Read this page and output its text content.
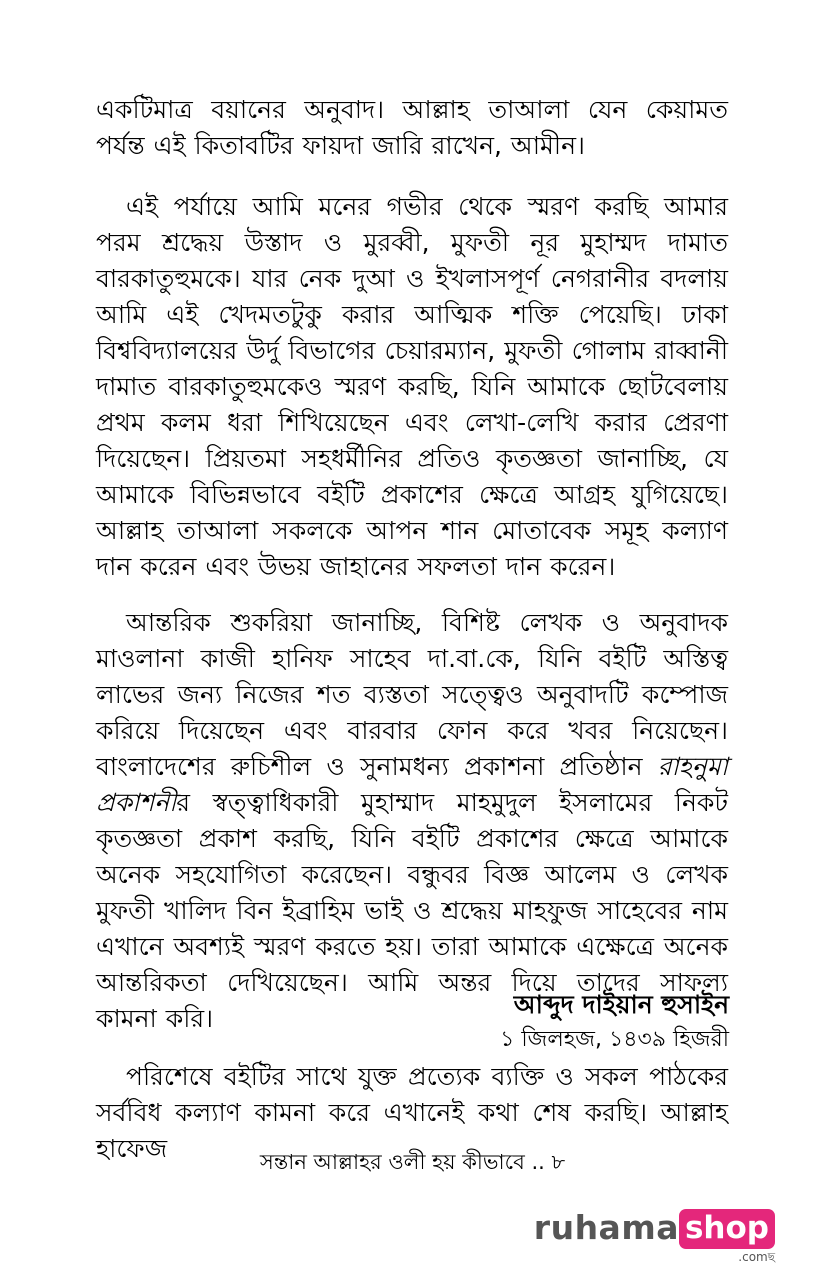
একটিমাত্র বয়ানের অনুবাদ। আল্লাহ তাআলা যেন কেয়ামত পর্যন্ত এই কিতাবটির ফায়দা জারি রাখেন, আমীন।

এই পর্যায়ে আমি মনের গভীর থেকে স্মরণ করছি আমার পরম শ্রদ্ধেয় উস্তাদ ও মুরব্বী, মুফতী নূর মুহাম্মদ দামাত বারকাতুহুমকে। যার নেক দুআ ও ইখলাসপূর্ণ নেগরানীর বদলায় আমি এই খেদমতটুকু করার আত্মিক শক্তি পেয়েছি। ঢাকা বিশ্ববিদ্যালয়ের উর্দু বিভাগের চেয়ারম্যান, মুফতী গোলাম রাব্বানী দামাত বারকাতুহুমকেও স্মরণ করছি, যিনি আমাকে ছোটবেলায় প্রথম কলম ধরা শিখিয়েছেন এবং লেখা-লেখি করার প্রেরণা দিয়েছেন। প্রিয়তমা সহধর্মীনির প্রতিও কৃতজ্ঞতা জানাচ্ছি, যে আমাকে বিভিন্নভাবে বইটি প্রকাশের ক্ষেত্রে আগ্রহ যুগিয়েছে। আল্লাহ তাআলা সকলকে আপন শান মোতাবেক সমূহ কল্যাণ দান করেন এবং উভয় জাহানের সফলতা দান করেন।

আন্তরিক শুকরিয়া জানাচ্ছি, বিশিষ্ট লেখক ও অনুবাদক মাওলানা কাজী হানিফ সাহেব দা.বা.কে, যিনি বইটি অস্তিত্ব লাভের জন্য নিজের শত ব্যস্ততা সত্ত্বেও অনুবাদটি কম্পোজ করিয়ে দিয়েছেন এবং বারবার ফোন করে খবর নিয়েছেন। বাংলাদেশের রুচিশীল ও সুনামধন্য প্রকাশনা প্রতিষ্ঠান রাহনুমা প্রকাশনীর স্বত্ত্বাধিকারী মুহাম্মাদ মাহমুদুল ইসলামের নিকট কৃতজ্ঞতা প্রকাশ করছি, যিনি বইটি প্রকাশের ক্ষেত্রে আমাকে অনেক সহযোগিতা করেছেন। বন্ধুবর বিজ্ঞ আলেম ও লেখক মুফতী খালিদ বিন ইব্রাহিম ভাই ও শ্রদ্ধেয় মাহফুজ সাহেবের নাম এখানে অবশ্যই স্মরণ করতে হয়। তারা আমাকে এক্ষেত্রে অনেক আন্তরিকতা দেখিয়েছেন। আমি অন্তর দিয়ে তাদের সাফল্য কামনা করি।

পরিশেষে বইটির সাথে যুক্ত প্রত্যেক ব্যক্তি ও সকল পাঠকের সর্ববিধ কল্যাণ কামনা করে এখানেই কথা শেষ করছি। আল্লাহ হাফেজ

আব্দুদ দাইয়ান হুসাইন
১ জিলহজ, ১৪৩৯ হিজরী
সন্তান আল্লাহর ওলী হয় কীভাবে .. ৮
ruhama shop
.comছ
